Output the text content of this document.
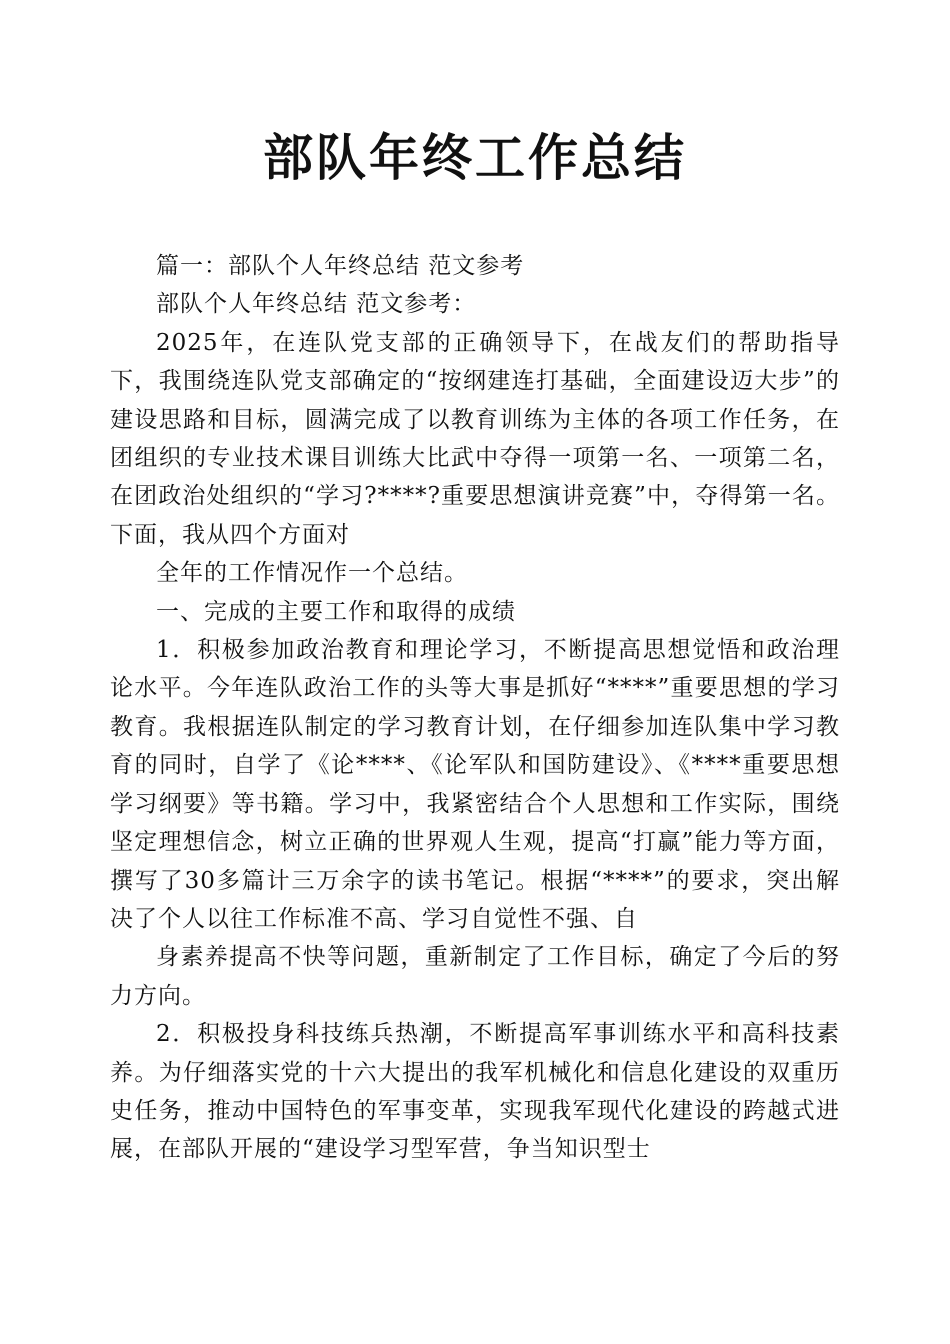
部队年终工作总结

篇一：部队个人年终总结 范文参考

部队个人年终总结 范文参考：

2025年，在连队党支部的正确领导下，在战友们的帮助指导下，我围绕连队党支部确定的“按纲建连打基础，全面建设迈大步”的建设思路和目标，圆满完成了以教育训练为主体的各项工作任务，在团组织的专业技术课目训练大比武中夺得一项第一名、一项第二名，在团政治处组织的“学习?****?重要思想演讲竞赛”中，夺得第一名。下面，我从四个方面对

全年的工作情况作一个总结。

一、完成的主要工作和取得的成绩

1．积极参加政治教育和理论学习，不断提高思想觉悟和政治理论水平。今年连队政治工作的头等大事是抓好“****”重要思想的学习教育。我根据连队制定的学习教育计划，在仔细参加连队集中学习教育的同时，自学了《论****、《论军队和国防建设》、《****重要思想学习纲要》等书籍。学习中，我紧密结合个人思想和工作实际，围绕坚定理想信念，树立正确的世界观人生观，提高“打赢”能力等方面，撰写了30多篇计三万余字的读书笔记。根据“****”的要求，突出解决了个人以往工作标准不高、学习自觉性不强、自

身素养提高不快等问题，重新制定了工作目标，确定了今后的努力方向。

2．积极投身科技练兵热潮，不断提高军事训练水平和高科技素养。为仔细落实党的十六大提出的我军机械化和信息化建设的双重历史任务，推动中国特色的军事变革，实现我军现代化建设的跨越式进展，在部队开展的“建设学习型军营，争当知识型士
